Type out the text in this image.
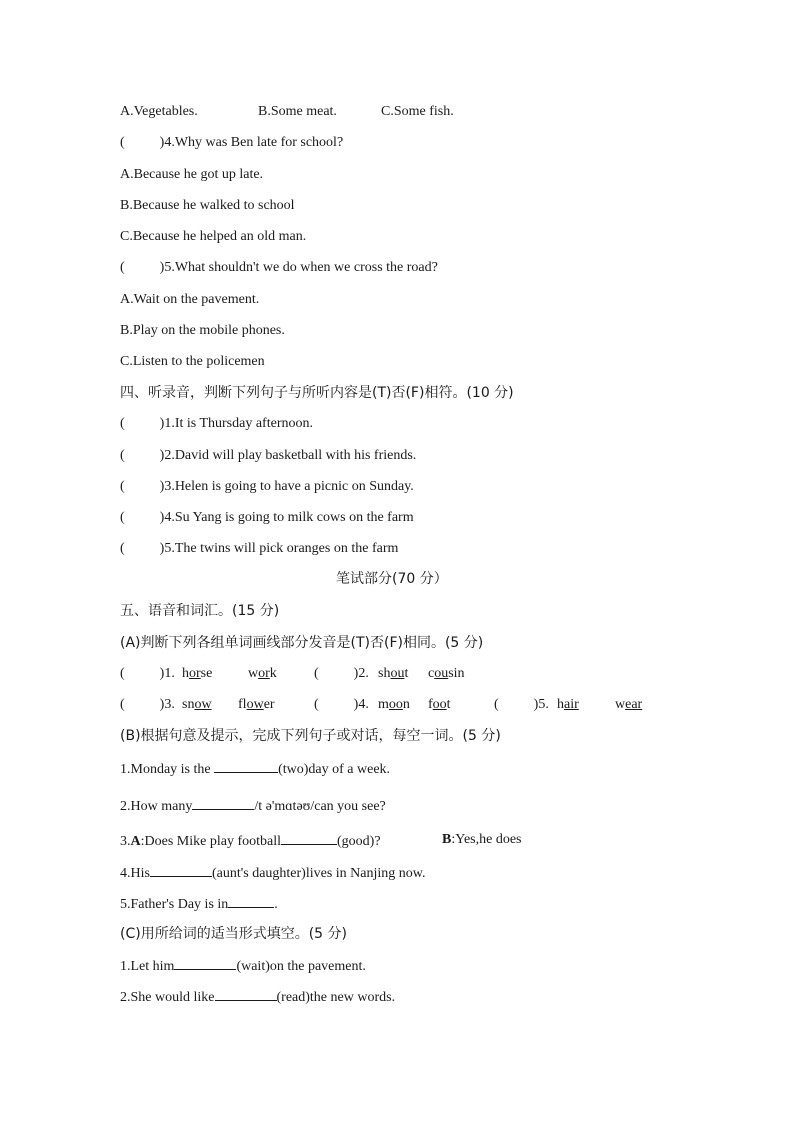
A.Vegetables.	B.Some meat.	C.Some fish.
(          )4.Why was Ben late for school?
A.Because he got up late.
B.Because he walked to school
C.Because he helped an old man.
(          )5.What shouldn't we do when we cross the road?
A.Wait on the pavement.
B.Play on the mobile phones.
C.Listen to the policemen
四、听录音，判断下列句子与所听内容是(T)否(F)相符。(10 分)
(          )1.It is Thursday afternoon.
(          )2.David will play basketball with his friends.
(          )3.Helen is going to have a picnic on Sunday.
(          )4.Su Yang is going to milk cows on the farm
(          )5.The twins will pick oranges on the farm
笔试部分(70 分）
五、语音和词汇。(15 分)
(A)判断下列各组单词画线部分发音是(T)否(F)相同。(5 分)
(          )1. horse	work	(          )2. shout cousin
(          )3. snow flower	(          )4. moon foot	(          )5. hair	wear
(B)根据句意及提示，完成下列句子或对话，每空一词。(5 分)
1.Monday is the	(two)day of a week.
2.How many	/t ə'mɑtəʊ/can you see?
3.A:Does Mike play football	(good)?	B:Yes,he does
4.His	(aunt's daughter)lives in Nanjing now.
5.Father's Day is in	.
(C)用所给词的适当形式填空。(5 分)
1.Let him	(wait)on the pavement.
2.She would like	(read)the new words.
